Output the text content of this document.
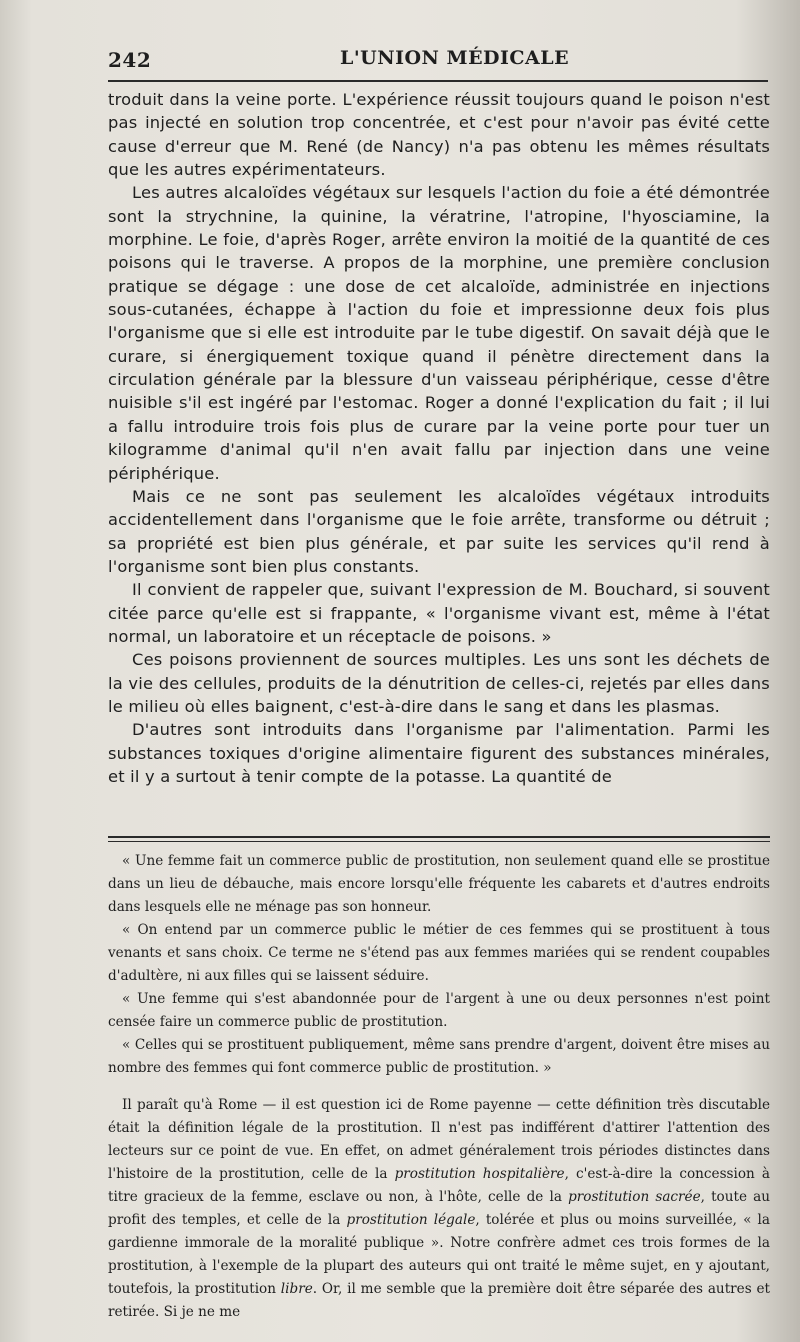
242	L'UNION MÉDICALE

troduit dans la veine porte. L'expérience réussit toujours quand le poison n'est pas injecté en solution trop concentrée, et c'est pour n'avoir pas évité cette cause d'erreur que M. René (de Nancy) n'a pas obtenu les mêmes résultats que les autres expérimentateurs.

Les autres alcaloïdes végétaux sur lesquels l'action du foie a été démontrée sont la strychnine, la quinine, la vératrine, l'atropine, l'hyosciamine, la morphine. Le foie, d'après Roger, arrête environ la moitié de la quantité de ces poisons qui le traverse. A propos de la morphine, une première conclusion pratique se dégage : une dose de cet alcaloïde, administrée en injections sous-cutanées, échappe à l'action du foie et impressionne deux fois plus l'organisme que si elle est introduite par le tube digestif. On savait déjà que le curare, si énergiquement toxique quand il pénètre directement dans la circulation générale par la blessure d'un vaisseau périphérique, cesse d'être nuisible s'il est ingéré par l'estomac. Roger a donné l'explication du fait ; il lui a fallu introduire trois fois plus de curare par la veine porte pour tuer un kilogramme d'animal qu'il n'en avait fallu par injection dans une veine périphérique.

Mais ce ne sont pas seulement les alcaloïdes végétaux introduits accidentellement dans l'organisme que le foie arrête, transforme ou détruit ; sa propriété est bien plus générale, et par suite les services qu'il rend à l'organisme sont bien plus constants.

Il convient de rappeler que, suivant l'expression de M. Bouchard, si souvent citée parce qu'elle est si frappante, « l'organisme vivant est, même à l'état normal, un laboratoire et un réceptacle de poisons. »

Ces poisons proviennent de sources multiples. Les uns sont les déchets de la vie des cellules, produits de la dénutrition de celles-ci, rejetés par elles dans le milieu où elles baignent, c'est-à-dire dans le sang et dans les plasmas.

D'autres sont introduits dans l'organisme par l'alimentation. Parmi les substances toxiques d'origine alimentaire figurent des substances minérales, et il y a surtout à tenir compte de la potasse. La quantité de

« Une femme fait un commerce public de prostitution, non seulement quand elle se prostitue dans un lieu de débauche, mais encore lorsqu'elle fréquente les cabarets et d'autres endroits dans lesquels elle ne ménage pas son honneur.

« On entend par un commerce public le métier de ces femmes qui se prostituent à tous venants et sans choix. Ce terme ne s'étend pas aux femmes mariées qui se rendent coupables d'adultère, ni aux filles qui se laissent séduire.

« Une femme qui s'est abandonnée pour de l'argent à une ou deux personnes n'est point censée faire un commerce public de prostitution.

« Celles qui se prostituent publiquement, même sans prendre d'argent, doivent être mises au nombre des femmes qui font commerce public de prostitution. »

Il paraît qu'à Rome — il est question ici de Rome payenne — cette définition très discutable était la définition légale de la prostitution. Il n'est pas indifférent d'attirer l'attention des lecteurs sur ce point de vue. En effet, on admet généralement trois périodes distinctes dans l'histoire de la prostitution, celle de la prostitution hospitalière, c'est-à-dire la concession à titre gracieux de la femme, esclave ou non, à l'hôte, celle de la prostitution sacrée, toute au profit des temples, et celle de la prostitution légale, tolérée et plus ou moins surveillée, « la gardienne immorale de la moralité publique ». Notre confrère admet ces trois formes de la prostitution, à l'exemple de la plupart des auteurs qui ont traité le même sujet, en y ajoutant, toutefois, la prostitution libre. Or, il me semble que la première doit être séparée des autres et retirée. Si je ne me
